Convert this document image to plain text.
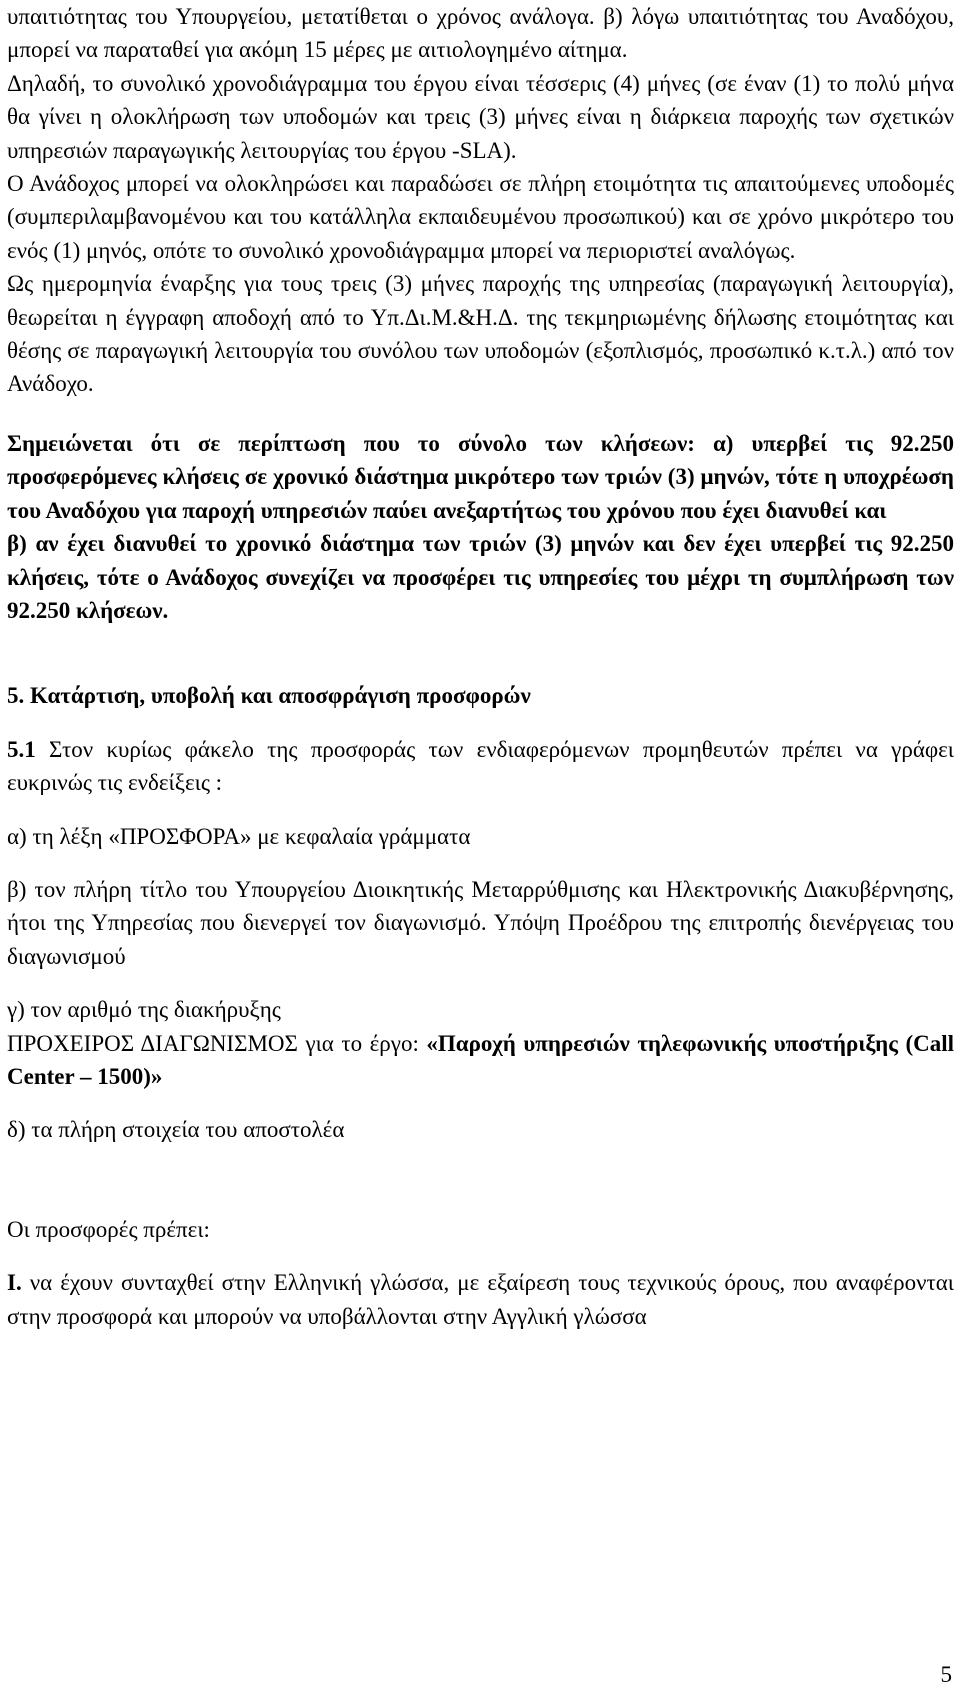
υπαιτιότητας του Υπουργείου, μετατίθεται ο χρόνος ανάλογα. β) λόγω υπαιτιότητας του Αναδόχου, μπορεί να παραταθεί για ακόμη 15 μέρες με αιτιολογημένο αίτημα.

Δηλαδή, το συνολικό χρονοδιάγραμμα του έργου είναι τέσσερις (4) μήνες (σε έναν (1) το πολύ μήνα θα γίνει η ολοκλήρωση των υποδομών και τρεις (3) μήνες είναι η διάρκεια παροχής των σχετικών υπηρεσιών παραγωγικής λειτουργίας του έργου -SLA).

Ο Ανάδοχος μπορεί να ολοκληρώσει και παραδώσει σε πλήρη ετοιμότητα τις απαιτούμενες υποδομές (συμπεριλαμβανομένου και του κατάλληλα εκπαιδευμένου προσωπικού) και σε χρόνο μικρότερο του ενός (1) μηνός, οπότε το συνολικό χρονοδιάγραμμα μπορεί να περιοριστεί αναλόγως.

Ως ημερομηνία έναρξης για τους τρεις (3) μήνες παροχής της υπηρεσίας (παραγωγική λειτουργία), θεωρείται η έγγραφη αποδοχή από το Υπ.Δι.Μ.&Η.Δ. της τεκμηριωμένης δήλωσης ετοιμότητας και θέσης σε παραγωγική λειτουργία του συνόλου των υποδομών (εξοπλισμός, προσωπικό κ.τ.λ.) από τον Ανάδοχο.

Σημειώνεται ότι σε περίπτωση που το σύνολο των κλήσεων: α) υπερβεί τις 92.250 προσφερόμενες κλήσεις σε χρονικό διάστημα μικρότερο των τριών (3) μηνών, τότε η υποχρέωση του Αναδόχου για παροχή υπηρεσιών παύει ανεξαρτήτως του χρόνου που έχει διανυθεί και

β) αν έχει διανυθεί το χρονικό διάστημα των τριών (3) μηνών και δεν έχει υπερβεί τις 92.250 κλήσεις, τότε ο Ανάδοχος συνεχίζει να προσφέρει τις υπηρεσίες του μέχρι τη συμπλήρωση των 92.250 κλήσεων.

5. Κατάρτιση, υποβολή και αποσφράγιση προσφορών

5.1 Στον κυρίως φάκελο της προσφοράς των ενδιαφερόμενων προμηθευτών πρέπει να γράφει ευκρινώς τις ενδείξεις :

α) τη λέξη «ΠΡΟΣΦΟΡΑ» με κεφαλαία γράμματα

β) τον πλήρη τίτλο του Υπουργείου Διοικητικής Μεταρρύθμισης και Ηλεκτρονικής Διακυβέρνησης, ήτοι της Υπηρεσίας που διενεργεί τον διαγωνισμό. Υπόψη Προέδρου της επιτροπής διενέργειας του διαγωνισμού

γ) τον αριθμό της διακήρυξης

ΠΡΟΧΕΙΡΟΣ ΔΙΑΓΩΝΙΣΜΟΣ για το έργο: «Παροχή υπηρεσιών τηλεφωνικής υποστήριξης (Call Center – 1500)»

δ) τα πλήρη στοιχεία του αποστολέα

Οι προσφορές πρέπει:

Ι. να έχουν συνταχθεί στην Ελληνική γλώσσα, με εξαίρεση τους τεχνικούς όρους, που αναφέρονται στην προσφορά και μπορούν να υποβάλλονται στην Αγγλική γλώσσα

5
